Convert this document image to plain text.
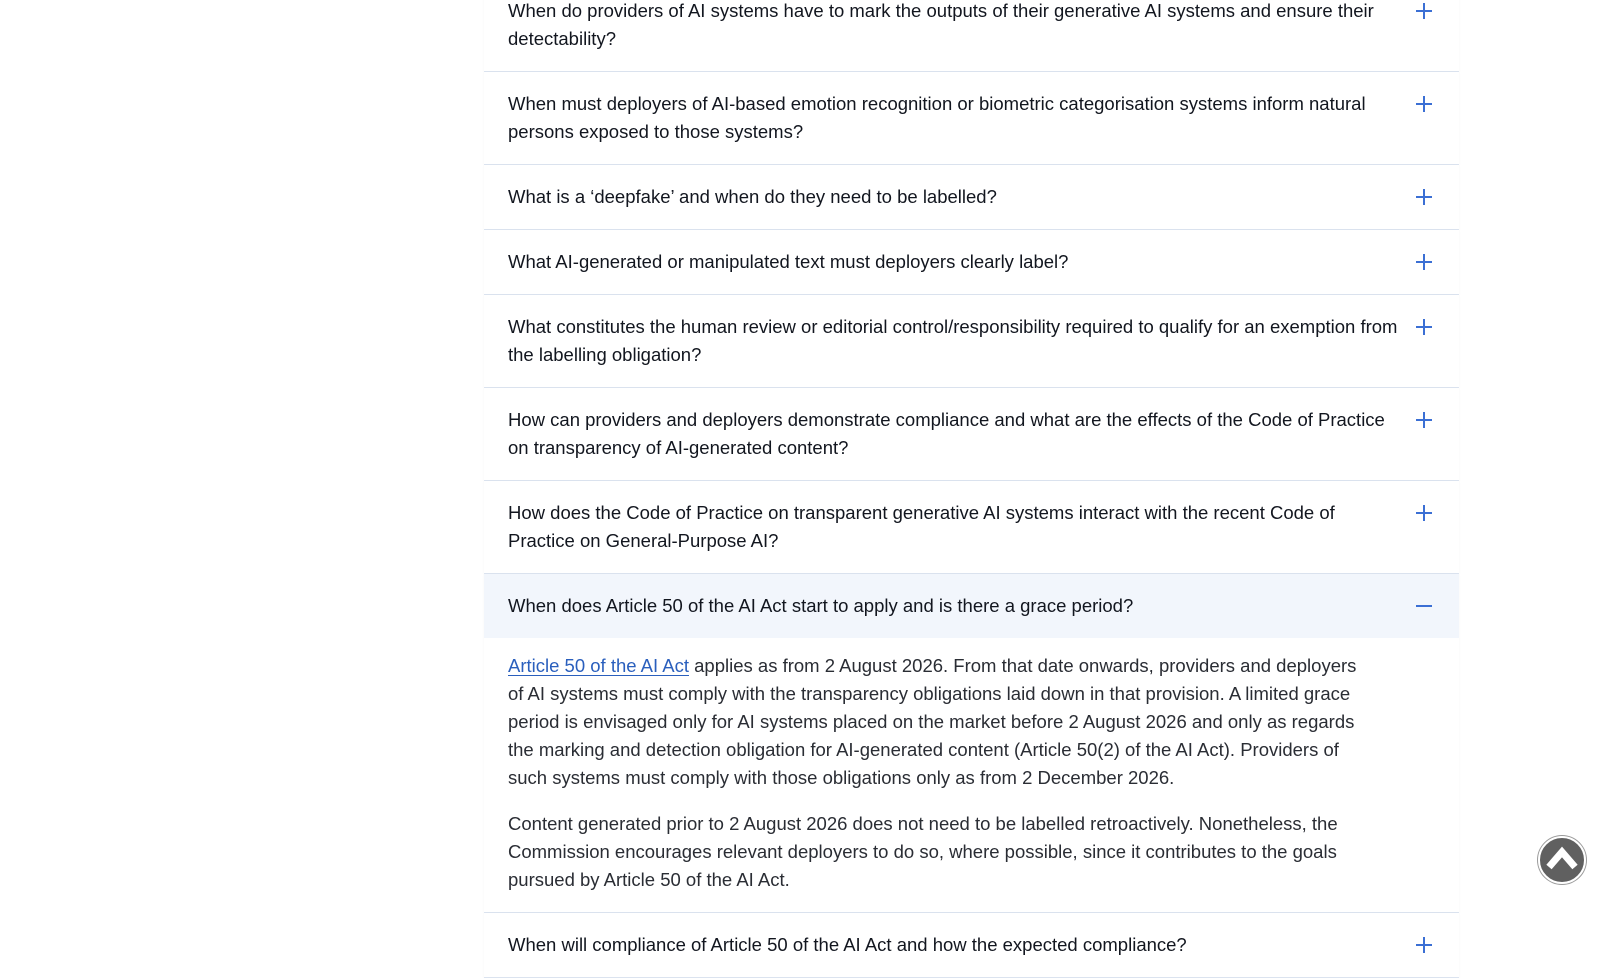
When do providers of AI systems have to mark the outputs of their generative AI systems and ensure their detectability?
When must deployers of AI-based emotion recognition or biometric categorisation systems inform natural persons exposed to those systems?
What is a ‘deepfake’ and when do they need to be labelled?
What AI-generated or manipulated text must deployers clearly label?
What constitutes the human review or editorial control/responsibility required to qualify for an exemption from the labelling obligation?
How can providers and deployers demonstrate compliance and what are the effects of the Code of Practice on transparency of AI-generated content?
How does the Code of Practice on transparent generative AI systems interact with the recent Code of Practice on General-Purpose AI?
When does Article 50 of the AI Act start to apply and is there a grace period?

Article 50 of the AI Act applies as from 2 August 2026. From that date onwards, providers and deployers of AI systems must comply with the transparency obligations laid down in that provision. A limited grace period is envisaged only for AI systems placed on the market before 2 August 2026 and only as regards the marking and detection obligation for AI-generated content (Article 50(2) of the AI Act). Providers of such systems must comply with those obligations only as from 2 December 2026.

Content generated prior to 2 August 2026 does not need to be labelled retroactively. Nonetheless, the Commission encourages relevant deployers to do so, where possible, since it contributes to the goals pursued by Article 50 of the AI Act.

When will compliance of Article 50 of the AI Act and how the expected compliance?
